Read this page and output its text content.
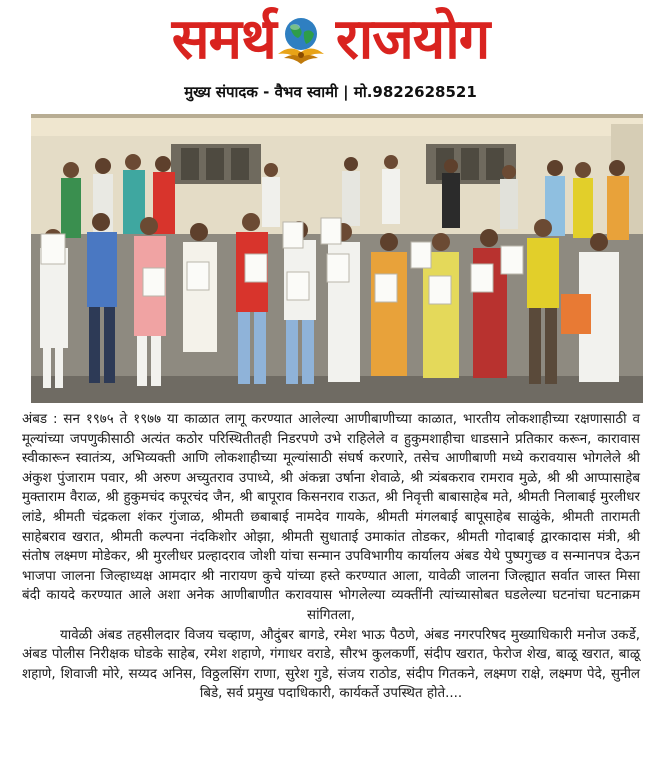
समर्थ राजयोग
मुख्य संपादक - वैभव स्वामी | मो.9822628521

अंबड : सन १९७५ ते १९७७ या काळात लागू करण्यात आलेल्या आणीबाणीच्या काळात, भारतीय लोकशाहीच्या रक्षणासाठी व मूल्यांच्या जपणुकीसाठी अत्यंत कठोर परिस्थितीतही निडरपणे उभे राहिलेले व हुकुमशाहीचा धाडसाने प्रतिकार करून, कारावास स्वीकारून स्वातंत्र्य, अभिव्यक्ती आणि लोकशाहीच्या मूल्यांसाठी संघर्ष करणारे, तसेच आणीबाणी मध्ये करावयास भोगलेले श्री अंकुश पुंजाराम पवार, श्री अरुण अच्युतराव उपाध्ये, श्री अंकन्ना उर्षाना शेवाळे, श्री त्र्यंबकराव रामराव मुळे, श्री श्री आप्पासाहेब मुक्ताराम वैराळ, श्री हुकुमचंद कपूरचंद जैन, श्री बापूराव किसनराव राऊत, श्री निवृत्ती बाबासाहेब मते, श्रीमती निलाबाई मुरलीधर लांडे, श्रीमती चंद्रकला शंकर गुंजाळ, श्रीमती छबाबाई नामदेव गायके, श्रीमती मंगलबाई बापूसाहेब साळुंके, श्रीमती तारामती साहेबराव खरात, श्रीमती कल्पना नंदकिशोर ओझा, श्रीमती सुधाताई उमाकांत तोडकर, श्रीमती गोदाबाई द्वारकादास मंत्री, श्री संतोष लक्ष्मण मोडेकर, श्री मुरलीधर प्रल्हादराव जोशी यांचा सन्मान उपविभागीय कार्यालय अंबड येथे पुष्पगुच्छ व सन्मानपत्र देऊन भाजपा जालना जिल्हाध्यक्ष आमदार श्री नारायण कुचे यांच्या हस्ते करण्यात आला, यावेळी जालना जिल्ह्यात सर्वात जास्त मिसा बंदी कायदे करण्यात आले अशा अनेक आणीबाणीत करावयास भोगलेल्या व्यक्तींनी त्यांच्यासोबत घडलेल्या घटनांचा घटनाक्रम सांगितला,

यावेळी अंबड तहसीलदार विजय चव्हाण, औदुंबर बागडे, रमेश भाऊ पैठणे, अंबड नगरपरिषद मुख्याधिकारी मनोज उकर्डे, अंबड पोलीस निरीक्षक घोडके साहेब, रमेश शहाणे, गंगाधर वराडे, सौरभ कुलकर्णी, संदीप खरात, फेरोज शेख, बाळू खरात, बाळू शहाणे, शिवाजी मोरे, सय्यद अनिस, विठ्ठलसिंग राणा, सुरेश गुडे, संजय राठोड, संदीप गितकने, लक्ष्मण राक्षे, लक्ष्मण पेदे, सुनील बिडे, सर्व प्रमुख पदाधिकारी, कार्यकर्ते उपस्थित होते....
